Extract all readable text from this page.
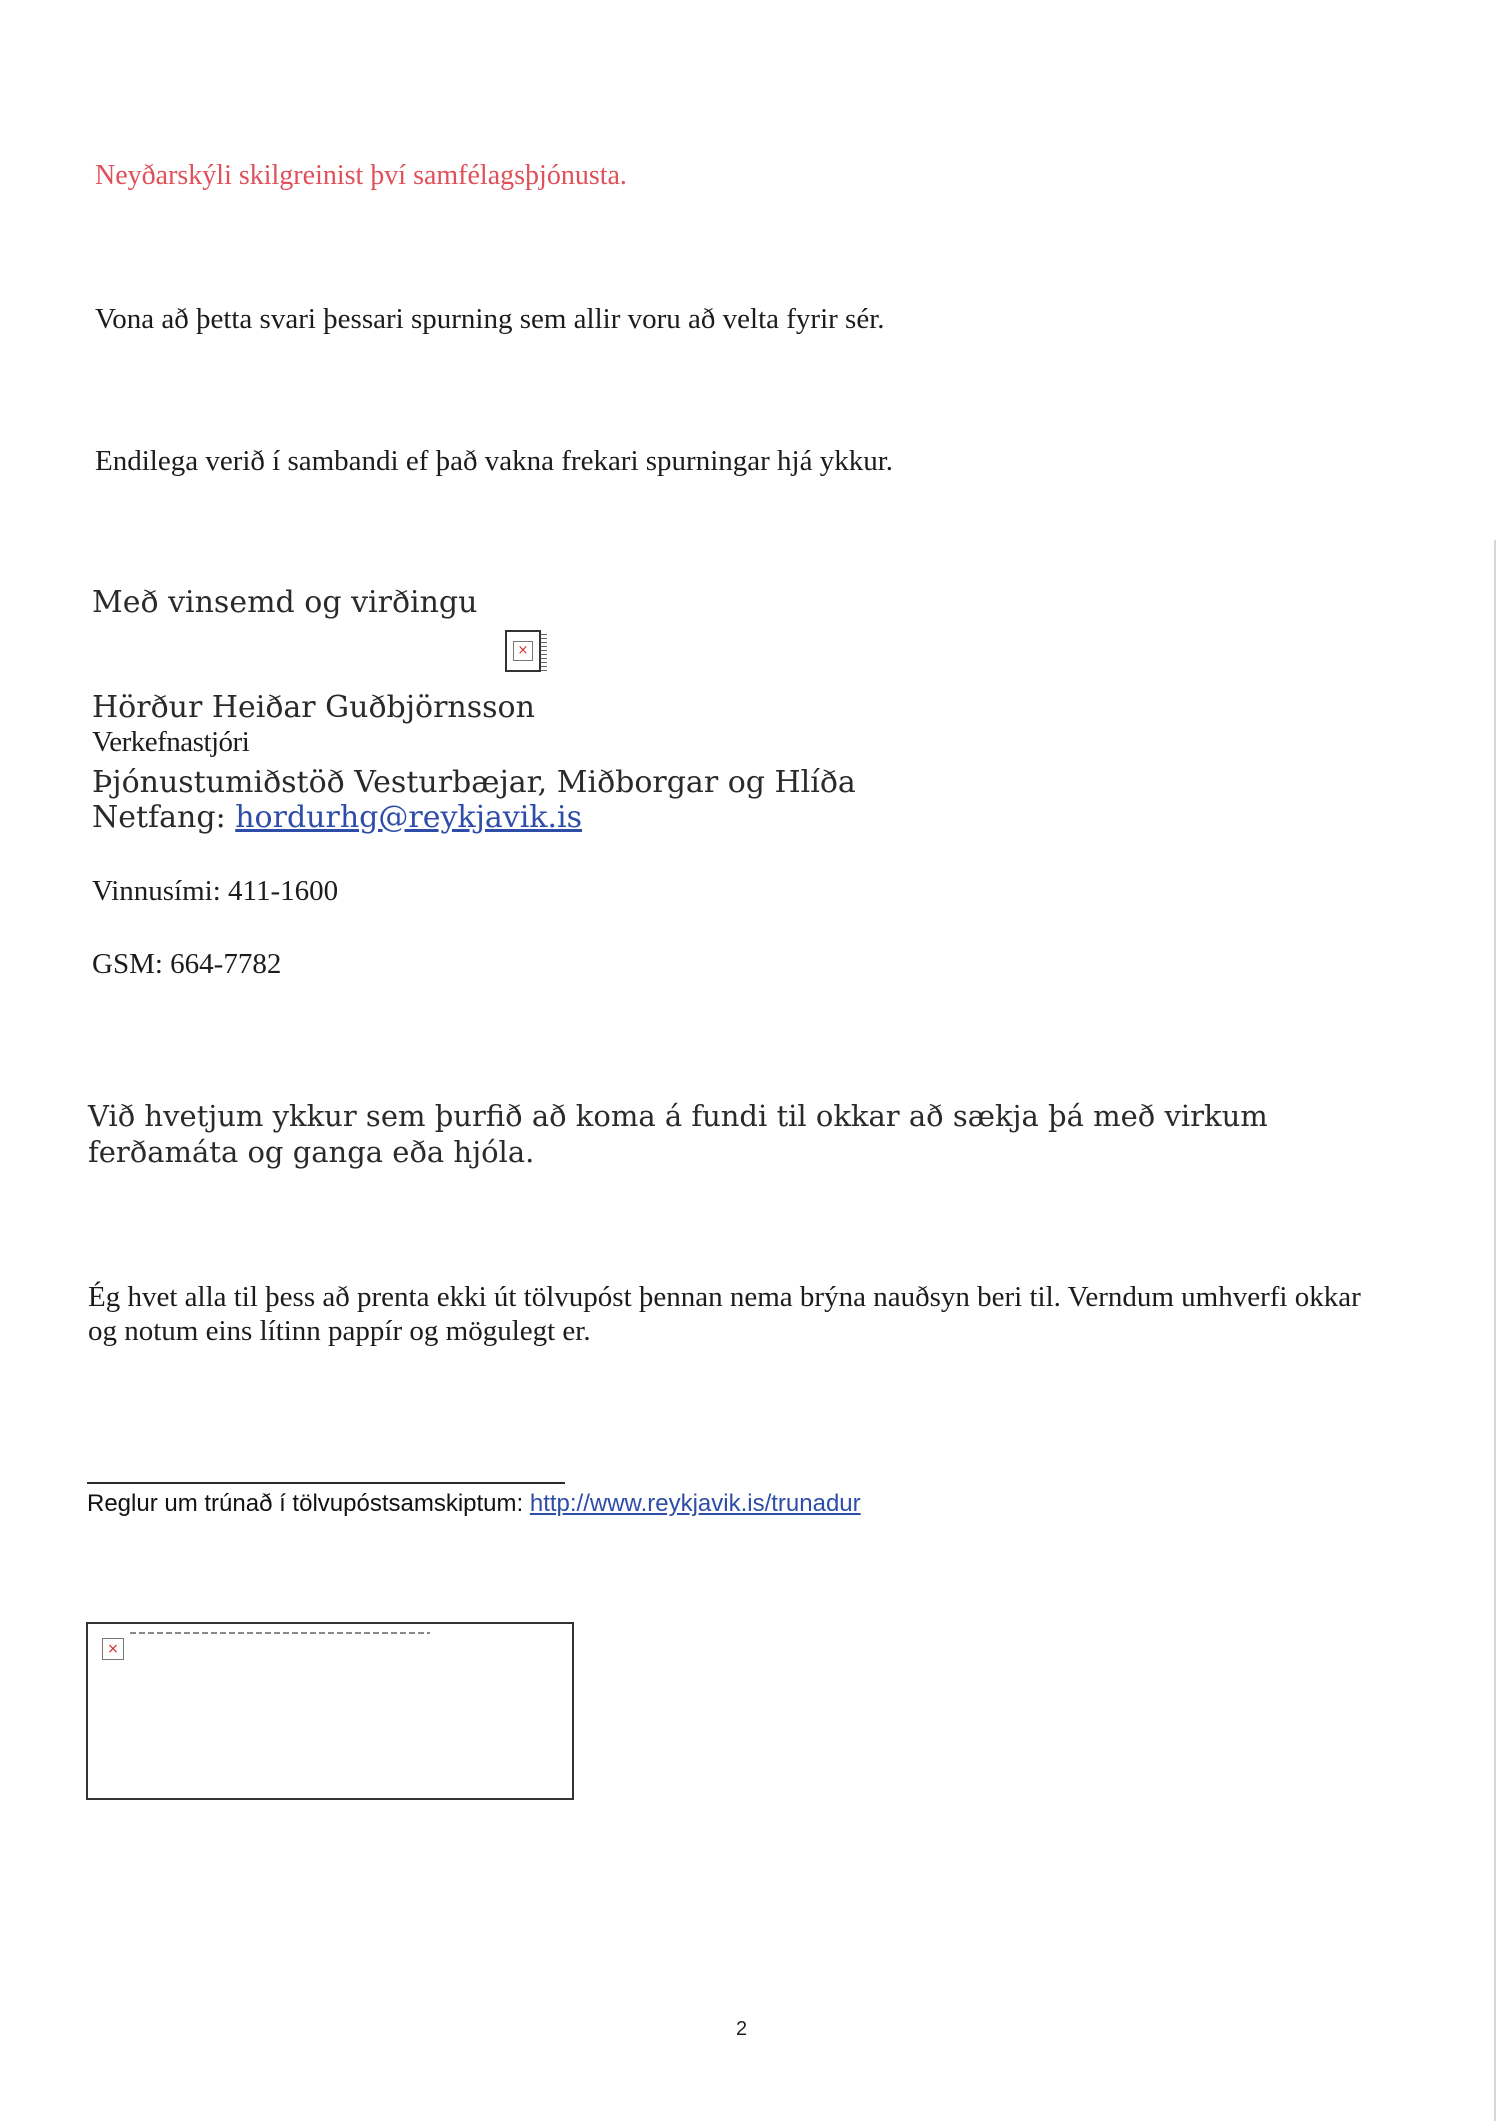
Neyðarskýli skilgreinist því samfélagsþjónusta.
Vona að þetta svari þessari spurning sem allir voru að velta fyrir sér.
Endilega verið í sambandi ef það vakna frekari spurningar hjá ykkur.
Með vinsemd og virðingu
×
Hörður Heiðar Guðbjörnsson
Verkefnastjóri
Þjónustumiðstöð Vesturbæjar, Miðborgar og Hlíða
Netfang: hordurhg@reykjavik.is
Vinnusími: 411-1600
GSM: 664-7782
Við hvetjum ykkur sem þurfið að koma á fundi til okkar að sækja þá með virkum ferðamáta og ganga eða hjóla.
Ég hvet alla til þess að prenta ekki út tölvupóst þennan nema brýna nauðsyn beri til. Verndum umhverfi okkar og notum eins lítinn pappír og mögulegt er.
Reglur um trúnað í tölvupóstsamskiptum: http://www.reykjavik.is/trunadur
×
2
